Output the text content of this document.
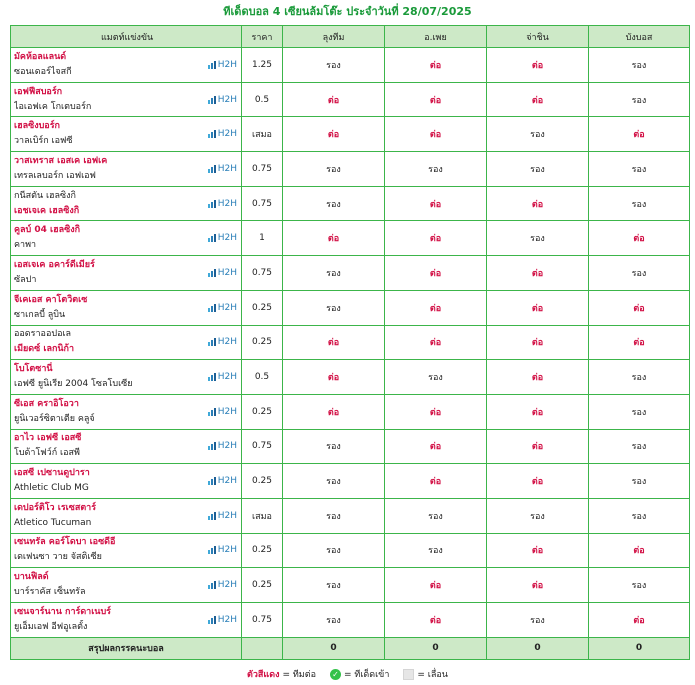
ทีเด็ดบอล 4 เซียนล้มโต๊ะ ประจำวันที่ 28/07/2025
แมตท์แข่งขัน	ราคา	ลุงทีม	อ.เพย	จ่าชิน	บังบอส

มัคห้อลแลนด์
ซอนเดอร์ไจสกี
H2H	1.25	รอง	ต่อ	ต่อ	รอง

เอฟฟีสบอร์ก
ไอเอฟเค โกเตบอร์ก
H2H	0.5	ต่อ	ต่อ	ต่อ	รอง

เฮลซิงบอร์ก
วาลเบิร์ก เอฟซี
H2H	เสมอ	ต่อ	ต่อ	รอง	ต่อ

วาสเทราส เอสเค เอฟเค
เทรลเลบอร์ก เอฟเอฟ
H2H	0.75	รอง	รอง	รอง	รอง

กนีสตัน เฮลซิงกิ
เอชเจเค เฮลซิงกิ
H2H	0.75	รอง	ต่อ	ต่อ	รอง

คูลบ์ 04 เฮลซิงกิ
คาพา
H2H	1	ต่อ	ต่อ	รอง	ต่อ

เอสเจเค อคาร์ดีเมียร์
ซัลปา
H2H	0.75	รอง	ต่อ	ต่อ	รอง

จีเคเอส คาโตวิตเซ
ซาเกลบี้ ลูบิน
H2H	0.25	รอง	ต่อ	ต่อ	ต่อ

ออดราออปอเล
เมียดซ์ เลกนิก้า
H2H	0.25	ต่อ	ต่อ	ต่อ	ต่อ

โบโตซานี่
เอฟซี ยูนิเรีย 2004 โซลโบเซีย
H2H	0.5	ต่อ	รอง	ต่อ	รอง

ซีเอส คราอิโอวา
ยูนิเวอร์ซิตาเตีย คลูจ์
H2H	0.25	ต่อ	ต่อ	ต่อ	รอง

อาไว เอฟซี เอสซี
โบด้าโฟว์ก์ เอสพี
H2H	0.75	รอง	ต่อ	ต่อ	รอง

เอสซี เปซานดูปารา
Athletic Club MG
H2H	0.25	รอง	ต่อ	ต่อ	รอง

เดปอร์ติโว เรเซสตาร์
Atletico Tucuman
H2H	เสมอ	รอง	รอง	รอง	รอง

เซนทรัล คอร์โดบา เอซดีอี
เดเฟนซา วาย จัสติเซีย
H2H	0.25	รอง	รอง	ต่อ	ต่อ

บานฟิลด์
บาร์ราคัส เซ็นทรัล
H2H	0.25	รอง	ต่อ	ต่อ	รอง

เซนจาร์นาน การ์ดาเนบร์
ยูเอ็มเอฟ อีฟอูเลตั้ง
H2H	0.75	รอง	ต่อ	รอง	ต่อ
สรุปผลกรรคนะบอล		0	0	0	0
ตัวสีแดง = ทีมต่อ ✓ = ทีเด็ดเข้า	= เลื่อน
